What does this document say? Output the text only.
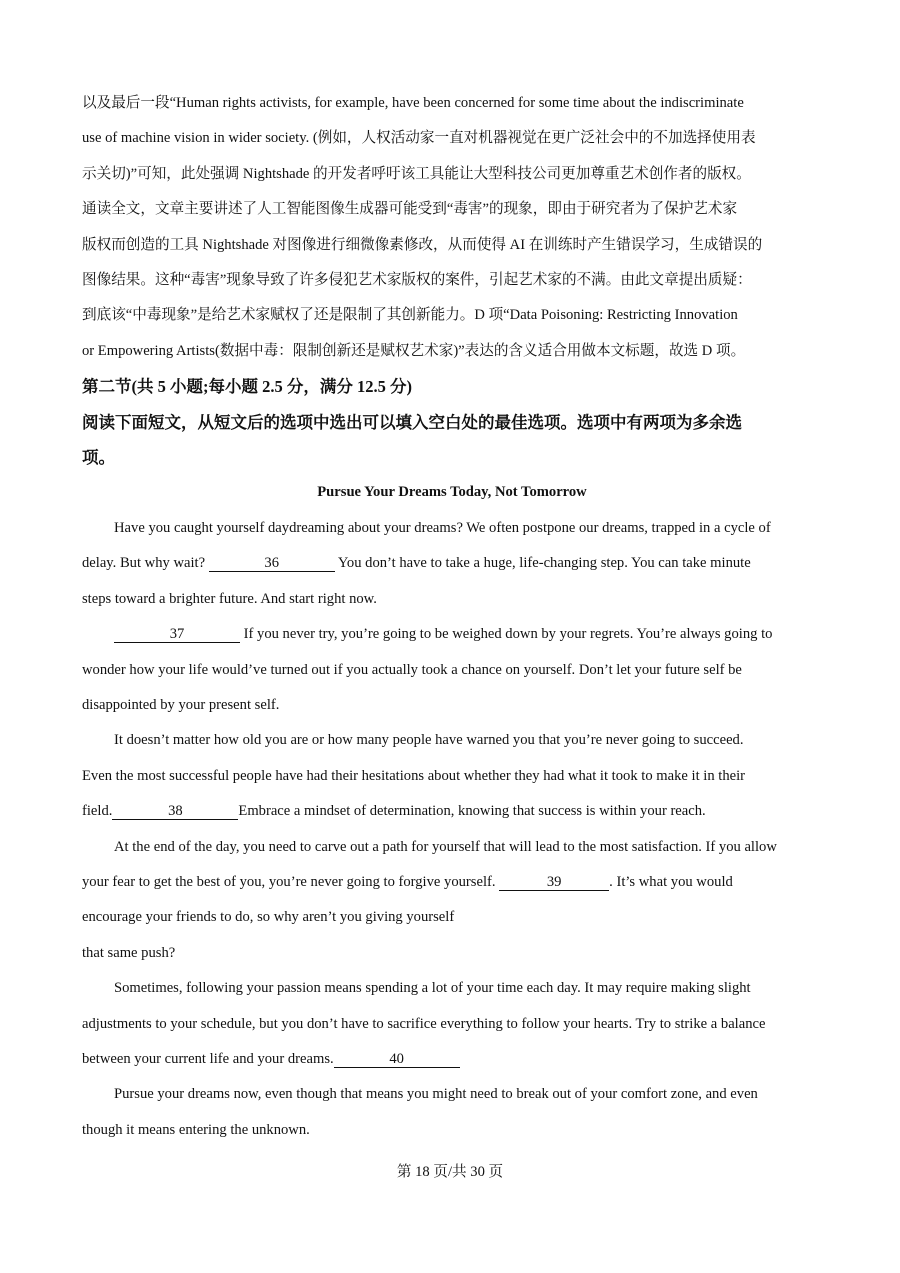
以及最后一段“Human rights activists, for example, have been concerned for some time about the indiscriminate
use of machine vision in wider society. (例如，人权活动家一直对机器视觉在更广泛社会中的不加选择使用表
示关切)”可知，此处强调 Nightshade 的开发者呼吁该工具能让大型科技公司更加尊重艺术创作者的版权。
通读全文，文章主要讲述了人工智能图像生成器可能受到“毒害”的现象，即由于研究者为了保护艺术家
版权而创造的工具 Nightshade 对图像进行细微像素修改，从而使得 AI 在训练时产生错误学习，生成错误的
图像结果。这种“毒害”现象导致了许多侵犯艺术家版权的案件，引起艺术家的不满。由此文章提出质疑：
到底该“中毒现象”是给艺术家赋权了还是限制了其创新能力。D 项“Data Poisoning: Restricting Innovation
or Empowering Artists(数据中毒：限制创新还是赋权艺术家)”表达的含义适合用做本文标题，故选 D 项。
第二节(共 5 小题;每小题 2.5 分，满分 12.5 分)
阅读下面短文，从短文后的选项中选出可以填入空白处的最佳选项。选项中有两项为多余选
项。
Pursue Your Dreams Today, Not Tomorrow
Have you caught yourself daydreaming about your dreams? We often postpone our dreams, trapped in a cycle of
delay. But why wait?	36	You don’t have to take a huge, life-changing step. You can take minute
steps toward a brighter future. And start right now.
37	If you never try, you’re going to be weighed down by your regrets. You’re always going to
wonder how your life would’ve turned out if you actually took a chance on yourself. Don’t let your future self be
disappointed by your present self.
It doesn’t matter how old you are or how many people have warned you that you’re never going to succeed.
Even the most successful people have had their hesitations about whether they had what it took to make it in their
field.	38	Embrace a mindset of determination, knowing that success is within your reach.
At the end of the day, you need to carve out a path for yourself that will lead to the most satisfaction. If you allow
your fear to get the best of you, you’re never going to forgive yourself.	39	. It’s what you would
encourage your friends to do, so why aren’t you giving yourself
that same push?
Sometimes, following your passion means spending a lot of your time each day. It may require making slight
adjustments to your schedule, but you don’t have to sacrifice everything to follow your hearts. Try to strike a balance
between your current life and your dreams.	40
Pursue your dreams now, even though that means you might need to break out of your comfort zone, and even
though it means entering the unknown.
第 18 页/共 30 页
